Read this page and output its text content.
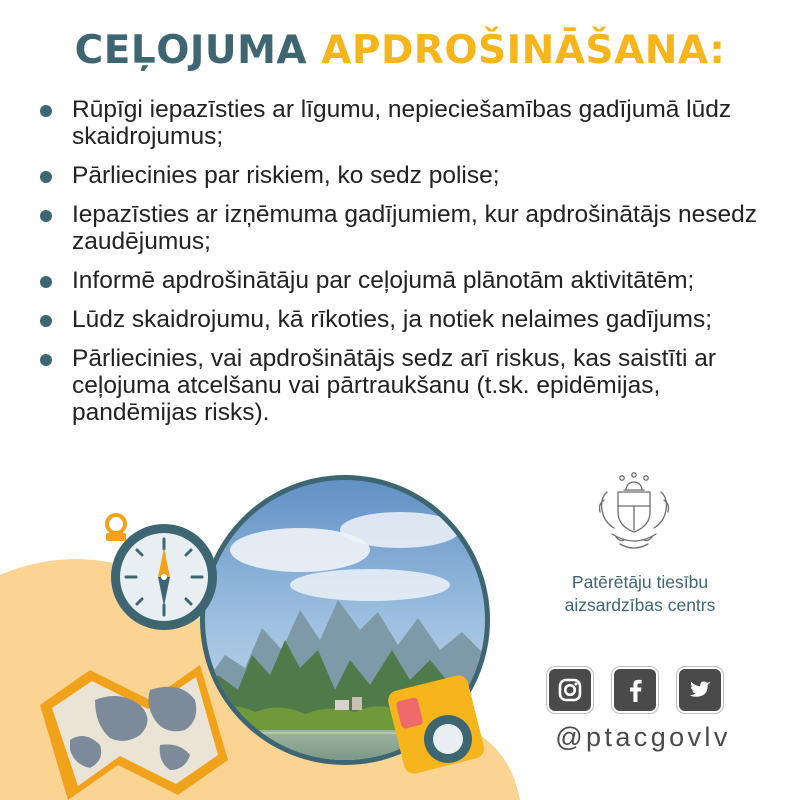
CEĻOJUMA APDROŠINĀŠANA:
Rūpīgi iepazīsties ar līgumu, nepieciešamības gadījumā lūdz skaidrojumus;
Pārliecinies par riskiem, ko sedz polise;
Iepazīsties ar izņēmuma gadījumiem, kur apdrošinātājs nesedz zaudējumus;
Informē apdrošinātāju par ceļojumā plānotām aktivitātēm;
Lūdz skaidrojumu, kā rīkoties, ja notiek nelaimes gadījums;
Pārliecinies, vai apdrošinātājs sedz arī riskus, kas saistīti ar ceļojuma atcelšanu vai pārtraukšanu (t.sk. epidēmijas, pandēmijas risks).
Patērētāju tiesību
aizsardzības centrs
@ptacgovlv
